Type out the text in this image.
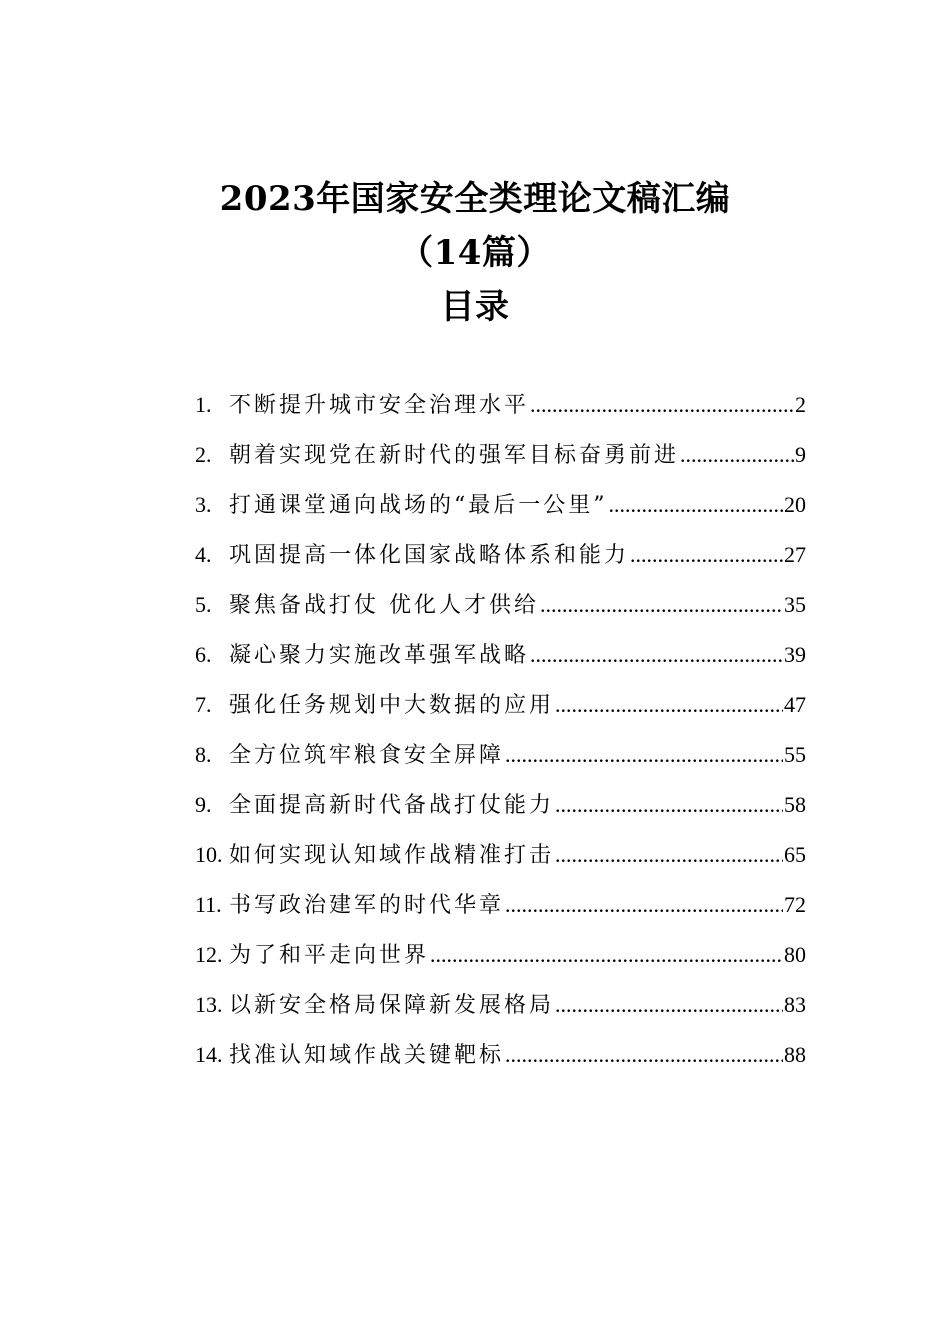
2023年国家安全类理论文稿汇编
（14篇）
目录
1. 不断提升城市安全治理水平 .....	2
2. 朝着实现党在新时代的强军目标奋勇前进 .....	9
3. 打通课堂通向战场的“最后一公里” .....	20
4. 巩固提高一体化国家战略体系和能力 .....	27
5. 聚焦备战打仗 优化人才供给 .....	35
6. 凝心聚力实施改革强军战略 .....	39
7. 强化任务规划中大数据的应用 .....	47
8. 全方位筑牢粮食安全屏障 .....	55
9. 全面提高新时代备战打仗能力 .....	58
10. 如何实现认知域作战精准打击 .....	65
11. 书写政治建军的时代华章 .....	72
12. 为了和平走向世界 .....	80
13. 以新安全格局保障新发展格局 .....	83
14. 找准认知域作战关键靶标 .....	88
